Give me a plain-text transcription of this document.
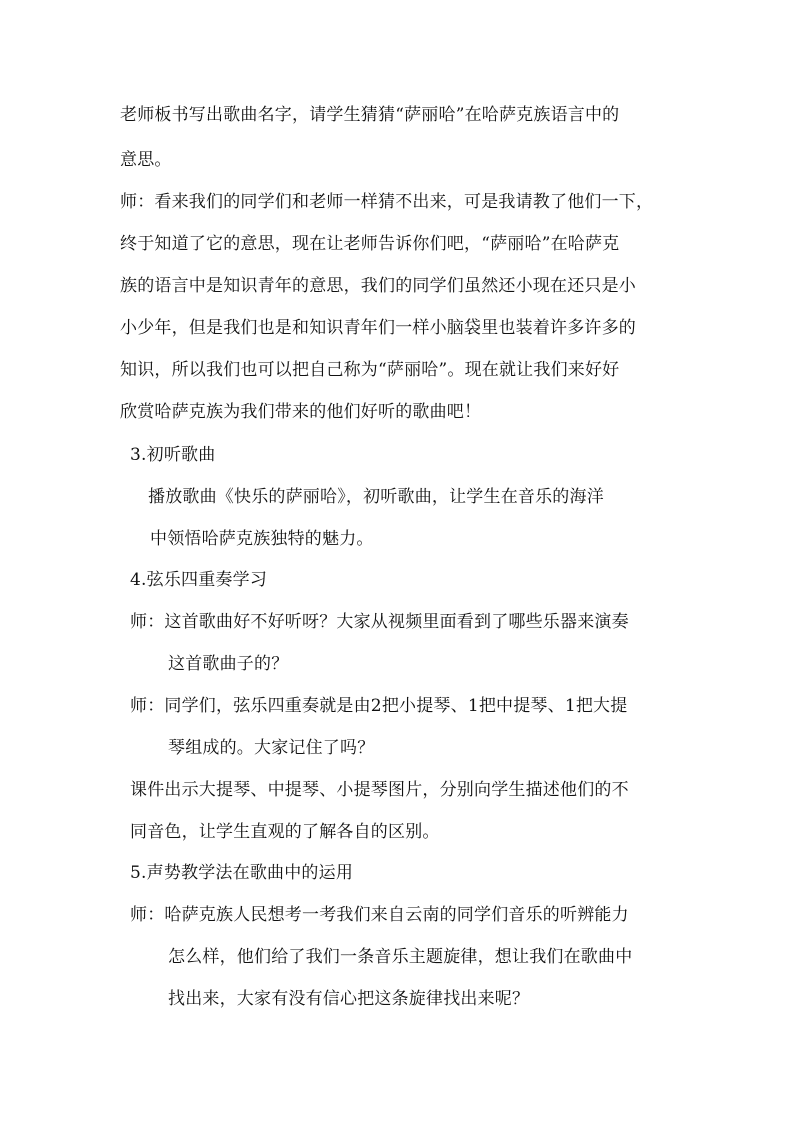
老师板书写出歌曲名字，请学生猜猜“萨丽哈”在哈萨克族语言中的
意思。
师：看来我们的同学们和老师一样猜不出来，可是我请教了他们一下，
终于知道了它的意思，现在让老师告诉你们吧，“萨丽哈”在哈萨克
族的语言中是知识青年的意思，我们的同学们虽然还小现在还只是小
小少年，但是我们也是和知识青年们一样小脑袋里也装着许多许多的
知识，所以我们也可以把自己称为“萨丽哈”。现在就让我们来好好
欣赏哈萨克族为我们带来的他们好听的歌曲吧！
3.初听歌曲
播放歌曲《快乐的萨丽哈》，初听歌曲，让学生在音乐的海洋
中领悟哈萨克族独特的魅力。
4.弦乐四重奏学习
师：这首歌曲好不好听呀？大家从视频里面看到了哪些乐器来演奏
这首歌曲子的？
师：同学们，弦乐四重奏就是由2把小提琴、1把中提琴、1把大提
琴组成的。大家记住了吗？
课件出示大提琴、中提琴、小提琴图片，分别向学生描述他们的不
同音色，让学生直观的了解各自的区别。
5.声势教学法在歌曲中的运用
师：哈萨克族人民想考一考我们来自云南的同学们音乐的听辨能力
怎么样，他们给了我们一条音乐主题旋律，想让我们在歌曲中
找出来，大家有没有信心把这条旋律找出来呢？
